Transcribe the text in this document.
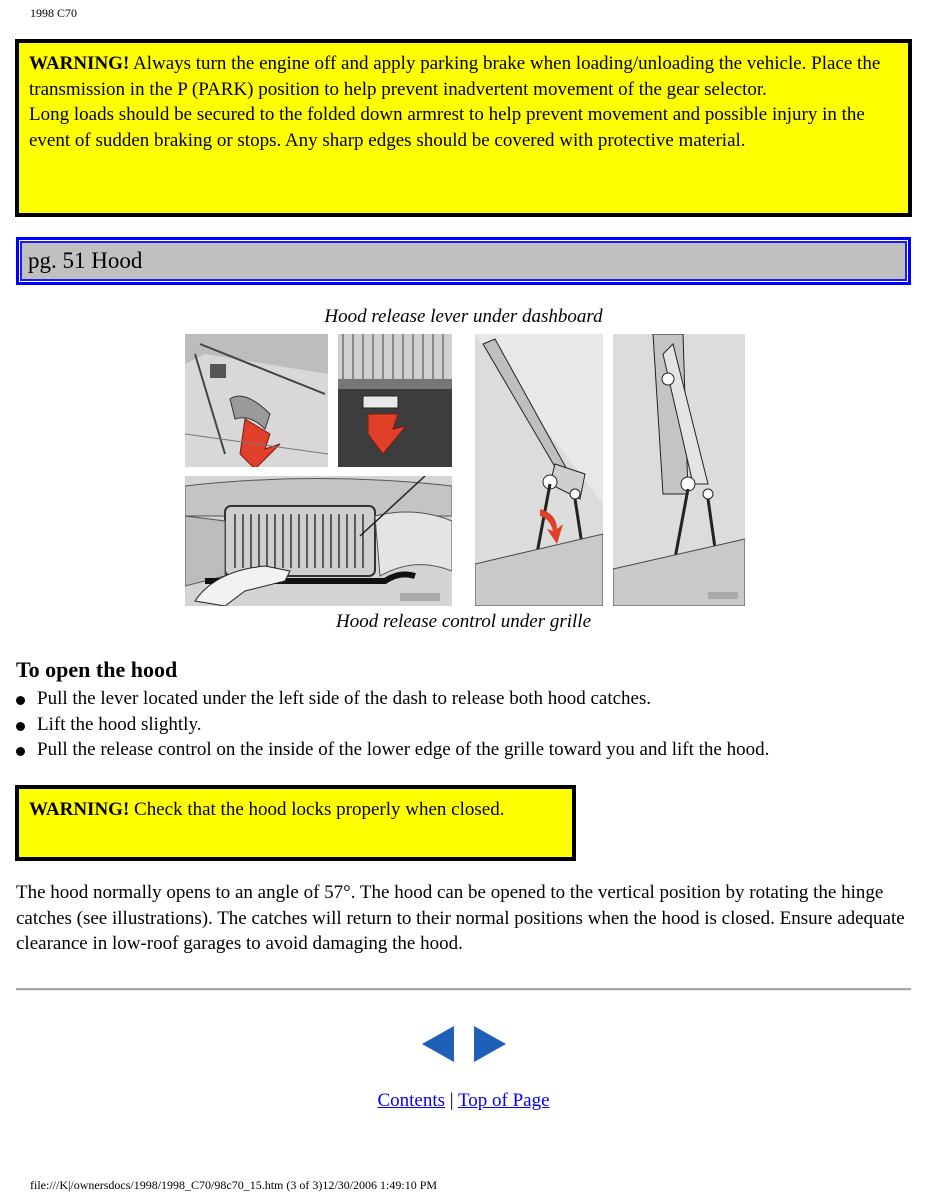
1998 C70
WARNING! Always turn the engine off and apply parking brake when loading/unloading the vehicle. Place the transmission in the P (PARK) position to help prevent inadvertent movement of the gear selector.
Long loads should be secured to the folded down armrest to help prevent movement and possible injury in the event of sudden braking or stops. Any sharp edges should be covered with protective material.
pg. 51 Hood
Hood release lever under dashboard
Hood release control under grille
To open the hood
Pull the lever located under the left side of the dash to release both hood catches.
Lift the hood slightly.
Pull the release control on the inside of the lower edge of the grille toward you and lift the hood.
WARNING! Check that the hood locks properly when closed.
The hood normally opens to an angle of 57°. The hood can be opened to the vertical position by rotating the hinge catches (see illustrations). The catches will return to their normal positions when the hood is closed. Ensure adequate clearance in low-roof garages to avoid damaging the hood.
Contents | Top of Page
file:///K|/ownersdocs/1998/1998_C70/98c70_15.htm (3 of 3)12/30/2006 1:49:10 PM
